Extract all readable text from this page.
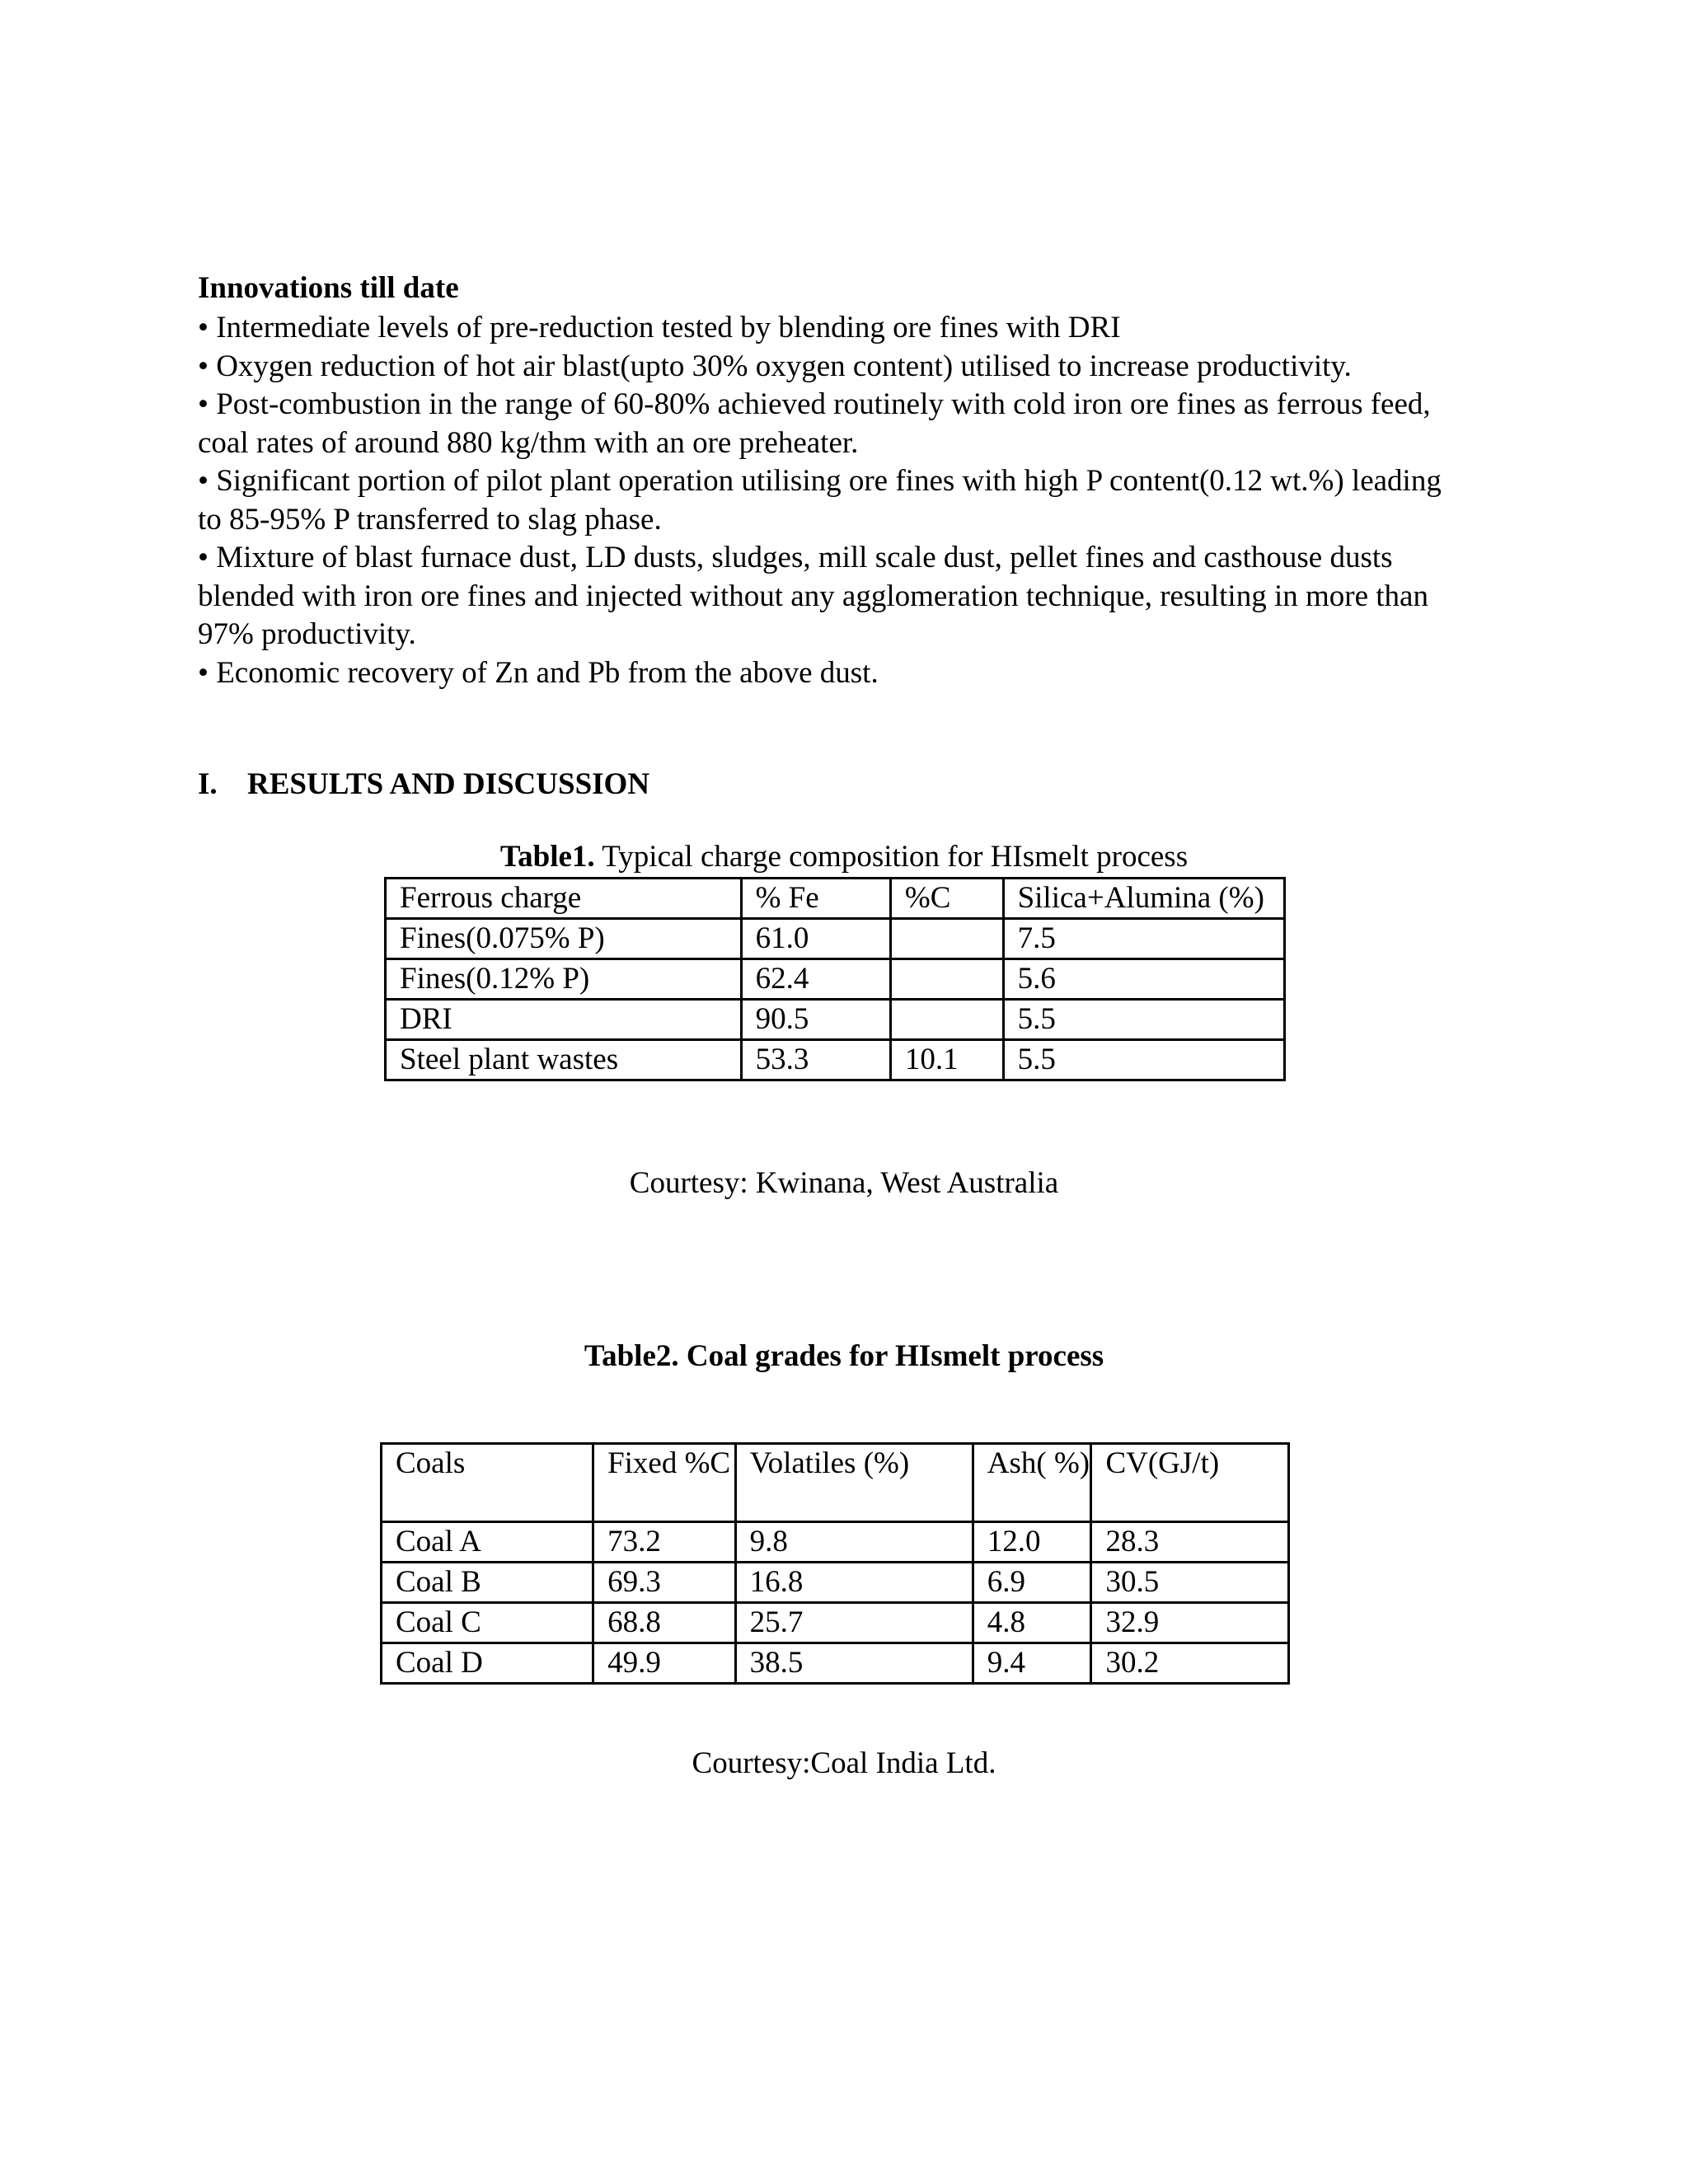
Innovations till date

• Intermediate levels of pre-reduction tested by blending ore fines with DRI

• Oxygen reduction of hot air blast(upto 30% oxygen content) utilised to increase productivity.

• Post-combustion in the range of 60-80% achieved routinely with cold iron ore fines as ferrous feed, coal rates of around 880 kg/thm with an ore preheater.

• Significant portion of pilot plant operation utilising ore fines with high P content(0.12 wt.%) leading to 85-95% P transferred to slag phase.

• Mixture of blast furnace dust, LD dusts, sludges, mill scale dust, pellet fines and casthouse dusts blended with iron ore fines and injected without any agglomeration technique, resulting in more than 97% productivity.

• Economic recovery of Zn and Pb from the above dust.

I. RESULTS AND DISCUSSION

Table1. Typical charge composition for HIsmelt process

Ferrous charge	% Fe	%C	Silica+Alumina (%)
Fines(0.075% P)	61.0		7.5
Fines(0.12% P)	62.4		5.6
DRI	90.5		5.5
Steel plant wastes	53.3	10.1	5.5

Courtesy: Kwinana, West Australia

Table2. Coal grades for HIsmelt process

Coals	Fixed %C	Volatiles (%)	Ash( %)	CV(GJ/t)
Coal A	73.2	9.8	12.0	28.3
Coal B	69.3	16.8	6.9	30.5
Coal C	68.8	25.7	4.8	32.9
Coal D	49.9	38.5	9.4	30.2

Courtesy:Coal India Ltd.
